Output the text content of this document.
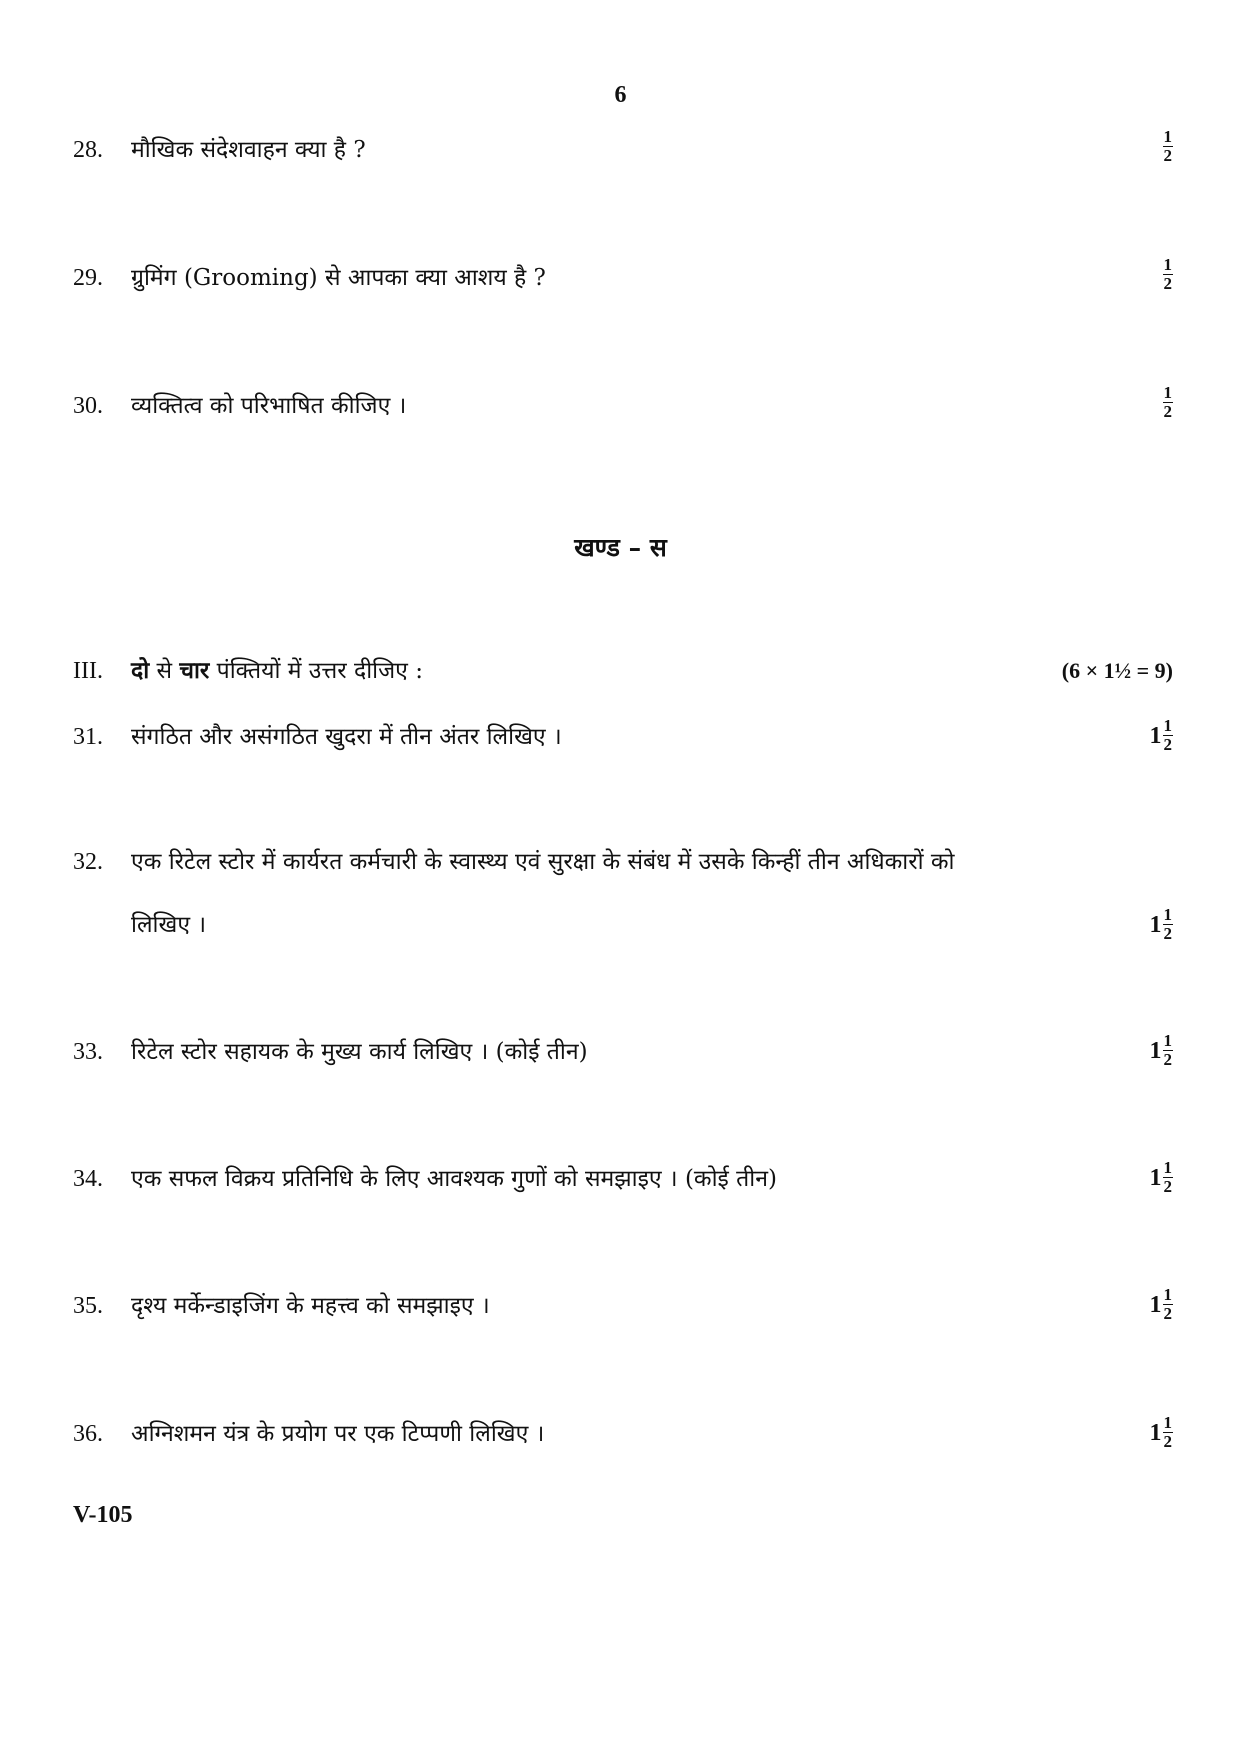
6
28. मौखिक संदेशवाहन क्या है ?	$\frac{1}{2}$
29. ग्रुमिंग (Grooming) से आपका क्या आशय है ?	$\frac{1}{2}$
30. व्यक्तित्व को परिभाषित कीजिए ।	$\frac{1}{2}$
खण्ड – स
III. दो से चार पंक्तियों में उत्तर दीजिए :	(6 × 1½ = 9)
31. संगठित और असंगठित खुदरा में तीन अंतर लिखिए ।	$1 \frac{1}{2}$
32. एक रिटेल स्टोर में कार्यरत कर्मचारी के स्वास्थ्य एवं सुरक्षा के संबंध में उसके किन्हीं तीन अधिकारों को
लिखिए ।	$1 \frac{1}{2}$
33. रिटेल स्टोर सहायक के मुख्य कार्य लिखिए । (कोई तीन)	$1 \frac{1}{2}$
34. एक सफल विक्रय प्रतिनिधि के लिए आवश्यक गुणों को समझाइए । (कोई तीन)	$1 \frac{1}{2}$
35. दृश्य मर्केन्डाइजिंग के महत्त्व को समझाइए ।	$1 \frac{1}{2}$
36. अग्निशमन यंत्र के प्रयोग पर एक टिप्पणी लिखिए ।	$1 \frac{1}{2}$
V-105
